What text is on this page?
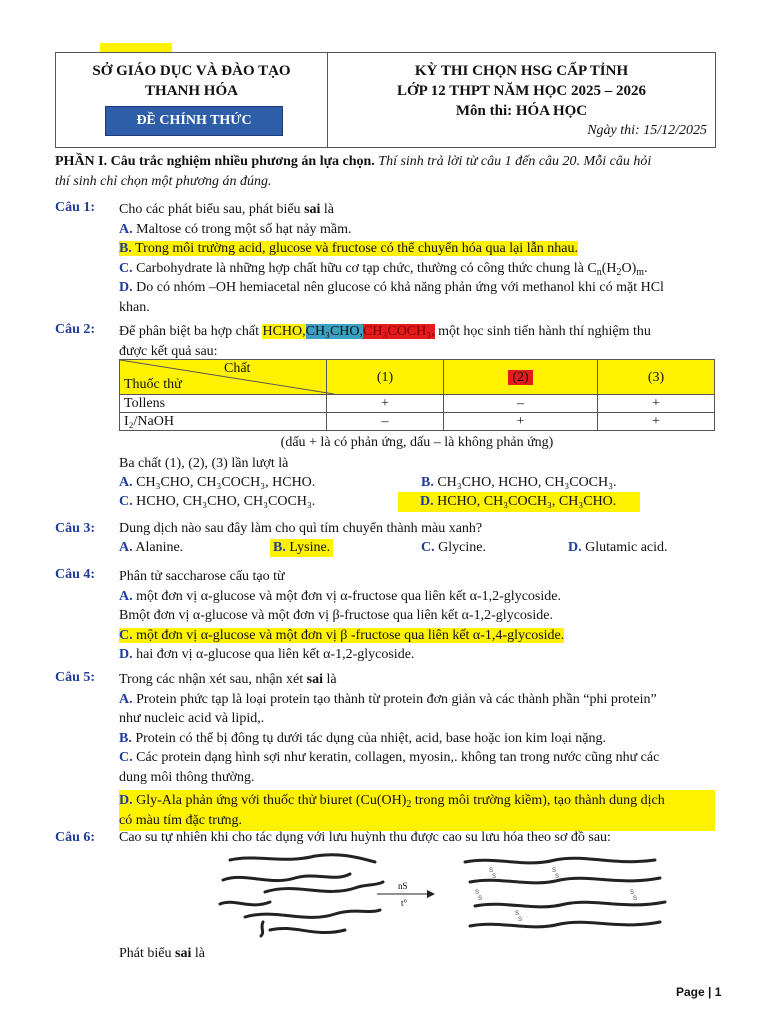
SỞ GIÁO DỤC VÀ ĐÀO TẠO
THANH HÓA
ĐỀ CHÍNH THỨC
KỲ THI CHỌN HSG CẤP TỈNH
LỚP 12 THPT NĂM HỌC 2025 – 2026
Môn thi: HÓA HỌC
Ngày thi: 15/12/2025
PHẦN I. Câu trắc nghiệm nhiều phương án lựa chọn. Thí sinh trả lời từ câu 1 đến câu 20. Mỗi câu hỏi
thí sinh chỉ chọn một phương án đúng.
Câu 1: Cho các phát biểu sau, phát biểu sai là
A. Maltose có trong một số hạt nảy mầm.
B. Trong môi trường acid, glucose và fructose có thể chuyển hóa qua lại lẫn nhau.
C. Carbohydrate là những hợp chất hữu cơ tạp chức, thường có công thức chung là $C_n(H_2O)_m$.
D. Do có nhóm –OH hemiacetal nên glucose có khả năng phản ứng với methanol khi có mặt HCl
khan.
Câu 2: Để phân biệt ba hợp chất HCHO,CH₃CHO,CH₃COCH₃, một học sinh tiến hành thí nghiệm thu
được kết quả sau:
Chất
Thuốc thử	(1)	(2)	(3)
Tollens	+	–	+
I₂/NaOH	–	+	+
(dấu + là có phản ứng, dấu – là không phản ứng)
Ba chất (1), (2), (3) lần lượt là
A. CH₃CHO, CH₃COCH₃, HCHO.	B. CH₃CHO, HCHO, CH₃COCH₃.
C. HCHO, CH₃CHO, CH₃COCH₃.	D. HCHO, CH₃COCH₃, CH₃CHO.
Câu 3: Dung dịch nào sau đây làm cho quì tím chuyển thành màu xanh?
A. Alanine.	B. Lysine.	C. Glycine.	D. Glutamic acid.
Câu 4: Phân tử saccharose cấu tạo từ
A. một đơn vị α-glucose và một đơn vị α-fructose qua liên kết α-1,2-glycoside.
Bmột đơn vị α-glucose và một đơn vị β-fructose qua liên kết α-1,2-glycoside.
C. một đơn vị α-glucose và một đơn vị β -fructose qua liên kết α-1,4-glycoside.
D. hai đơn vị α-glucose qua liên kết α-1,2-glycoside.
Câu 5: Trong các nhận xét sau, nhận xét sai là
A. Protein phức tạp là loại protein tạo thành từ protein đơn giản và các thành phần “phi protein”
như nucleic acid và lipid,.
B. Protein có thể bị đông tụ dưới tác dụng của nhiệt, acid, base hoặc ion kim loại nặng.
C. Các protein dạng hình sợi như keratin, collagen, myosin,. không tan trong nước cũng như các
dung môi thông thường.
D. Gly-Ala phản ứng với thuốc thử biuret ($Cu(OH)_2$ trong môi trường kiềm), tạo thành dung dịch
có màu tím đặc trưng.
Câu 6: Cao su tự nhiên khi cho tác dụng với lưu huỳnh thu được cao su lưu hóa theo sơ đồ sau:
nS
t°
S
S
S
S
S
S
S
S
S
S
Phát biểu sai là
Page | 1
